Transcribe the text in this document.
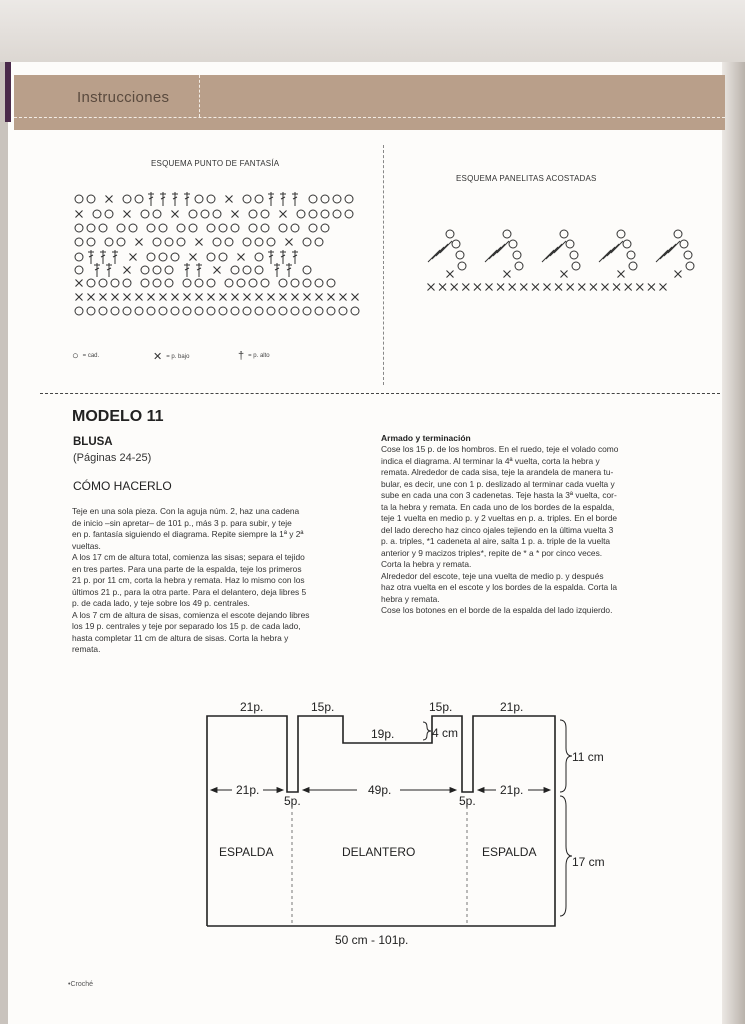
Instrucciones
ESQUEMA PUNTO DE FANTASÍA
ESQUEMA PANELITAS ACOSTADAS
○ = cad.	✕ = p. bajo	† = p. alto
MODELO 11
BLUSA
(Páginas 24-25)
CÓMO HACERLO
Teje en una sola pieza. Con la aguja núm. 2, haz una cadena
de inicio –sin apretar– de 101 p., más 3 p. para subir, y teje
en p. fantasía siguiendo el diagrama. Repite siempre la 1ª y 2ª
vueltas.
A los 17 cm de altura total, comienza las sisas; separa el tejido
en tres partes. Para una parte de la espalda, teje los primeros
21 p. por 11 cm, corta la hebra y remata. Haz lo mismo con los
últimos 21 p., para la otra parte. Para el delantero, deja libres 5
p. de cada lado, y teje sobre los 49 p. centrales.
A los 7 cm de altura de sisas, comienza el escote dejando libres
los 19 p. centrales y teje por separado los 15 p. de cada lado,
hasta completar 11 cm de altura de sisas. Corta la hebra y
remata.
Armado y terminación
Cose los 15 p. de los hombros. En el ruedo, teje el volado como
indica el diagrama. Al terminar la 4ª vuelta, corta la hebra y
remata. Alrededor de cada sisa, teje la arandela de manera tu-
bular, es decir, une con 1 p. deslizado al terminar cada vuelta y
sube en cada una con 3 cadenetas. Teje hasta la 3ª vuelta, cor-
ta la hebra y remata. En cada uno de los bordes de la espalda,
teje 1 vuelta en medio p. y 2 vueltas en p. a. triples. En el borde
del lado derecho haz cinco ojales tejiendo en la última vuelta 3
p. a. triples, *1 cadeneta al aire, salta 1 p. a. triple de la vuelta
anterior y 9 macizos triples*, repite de * a * por cinco veces.
Corta la hebra y remata.
Alrededor del escote, teje una vuelta de medio p. y después
haz otra vuelta en el escote y los bordes de la espalda. Corta la
hebra y remata.
Cose los botones en el borde de la espalda del lado izquierdo.
21p.	15p.
19p.	4 cm
15p.	21p.
11 cm
21p.	49p.	21p.
5p.	5p.
ESPALDA	DELANTERO	ESPALDA
17 cm
50 cm - 101p.
•Croché
